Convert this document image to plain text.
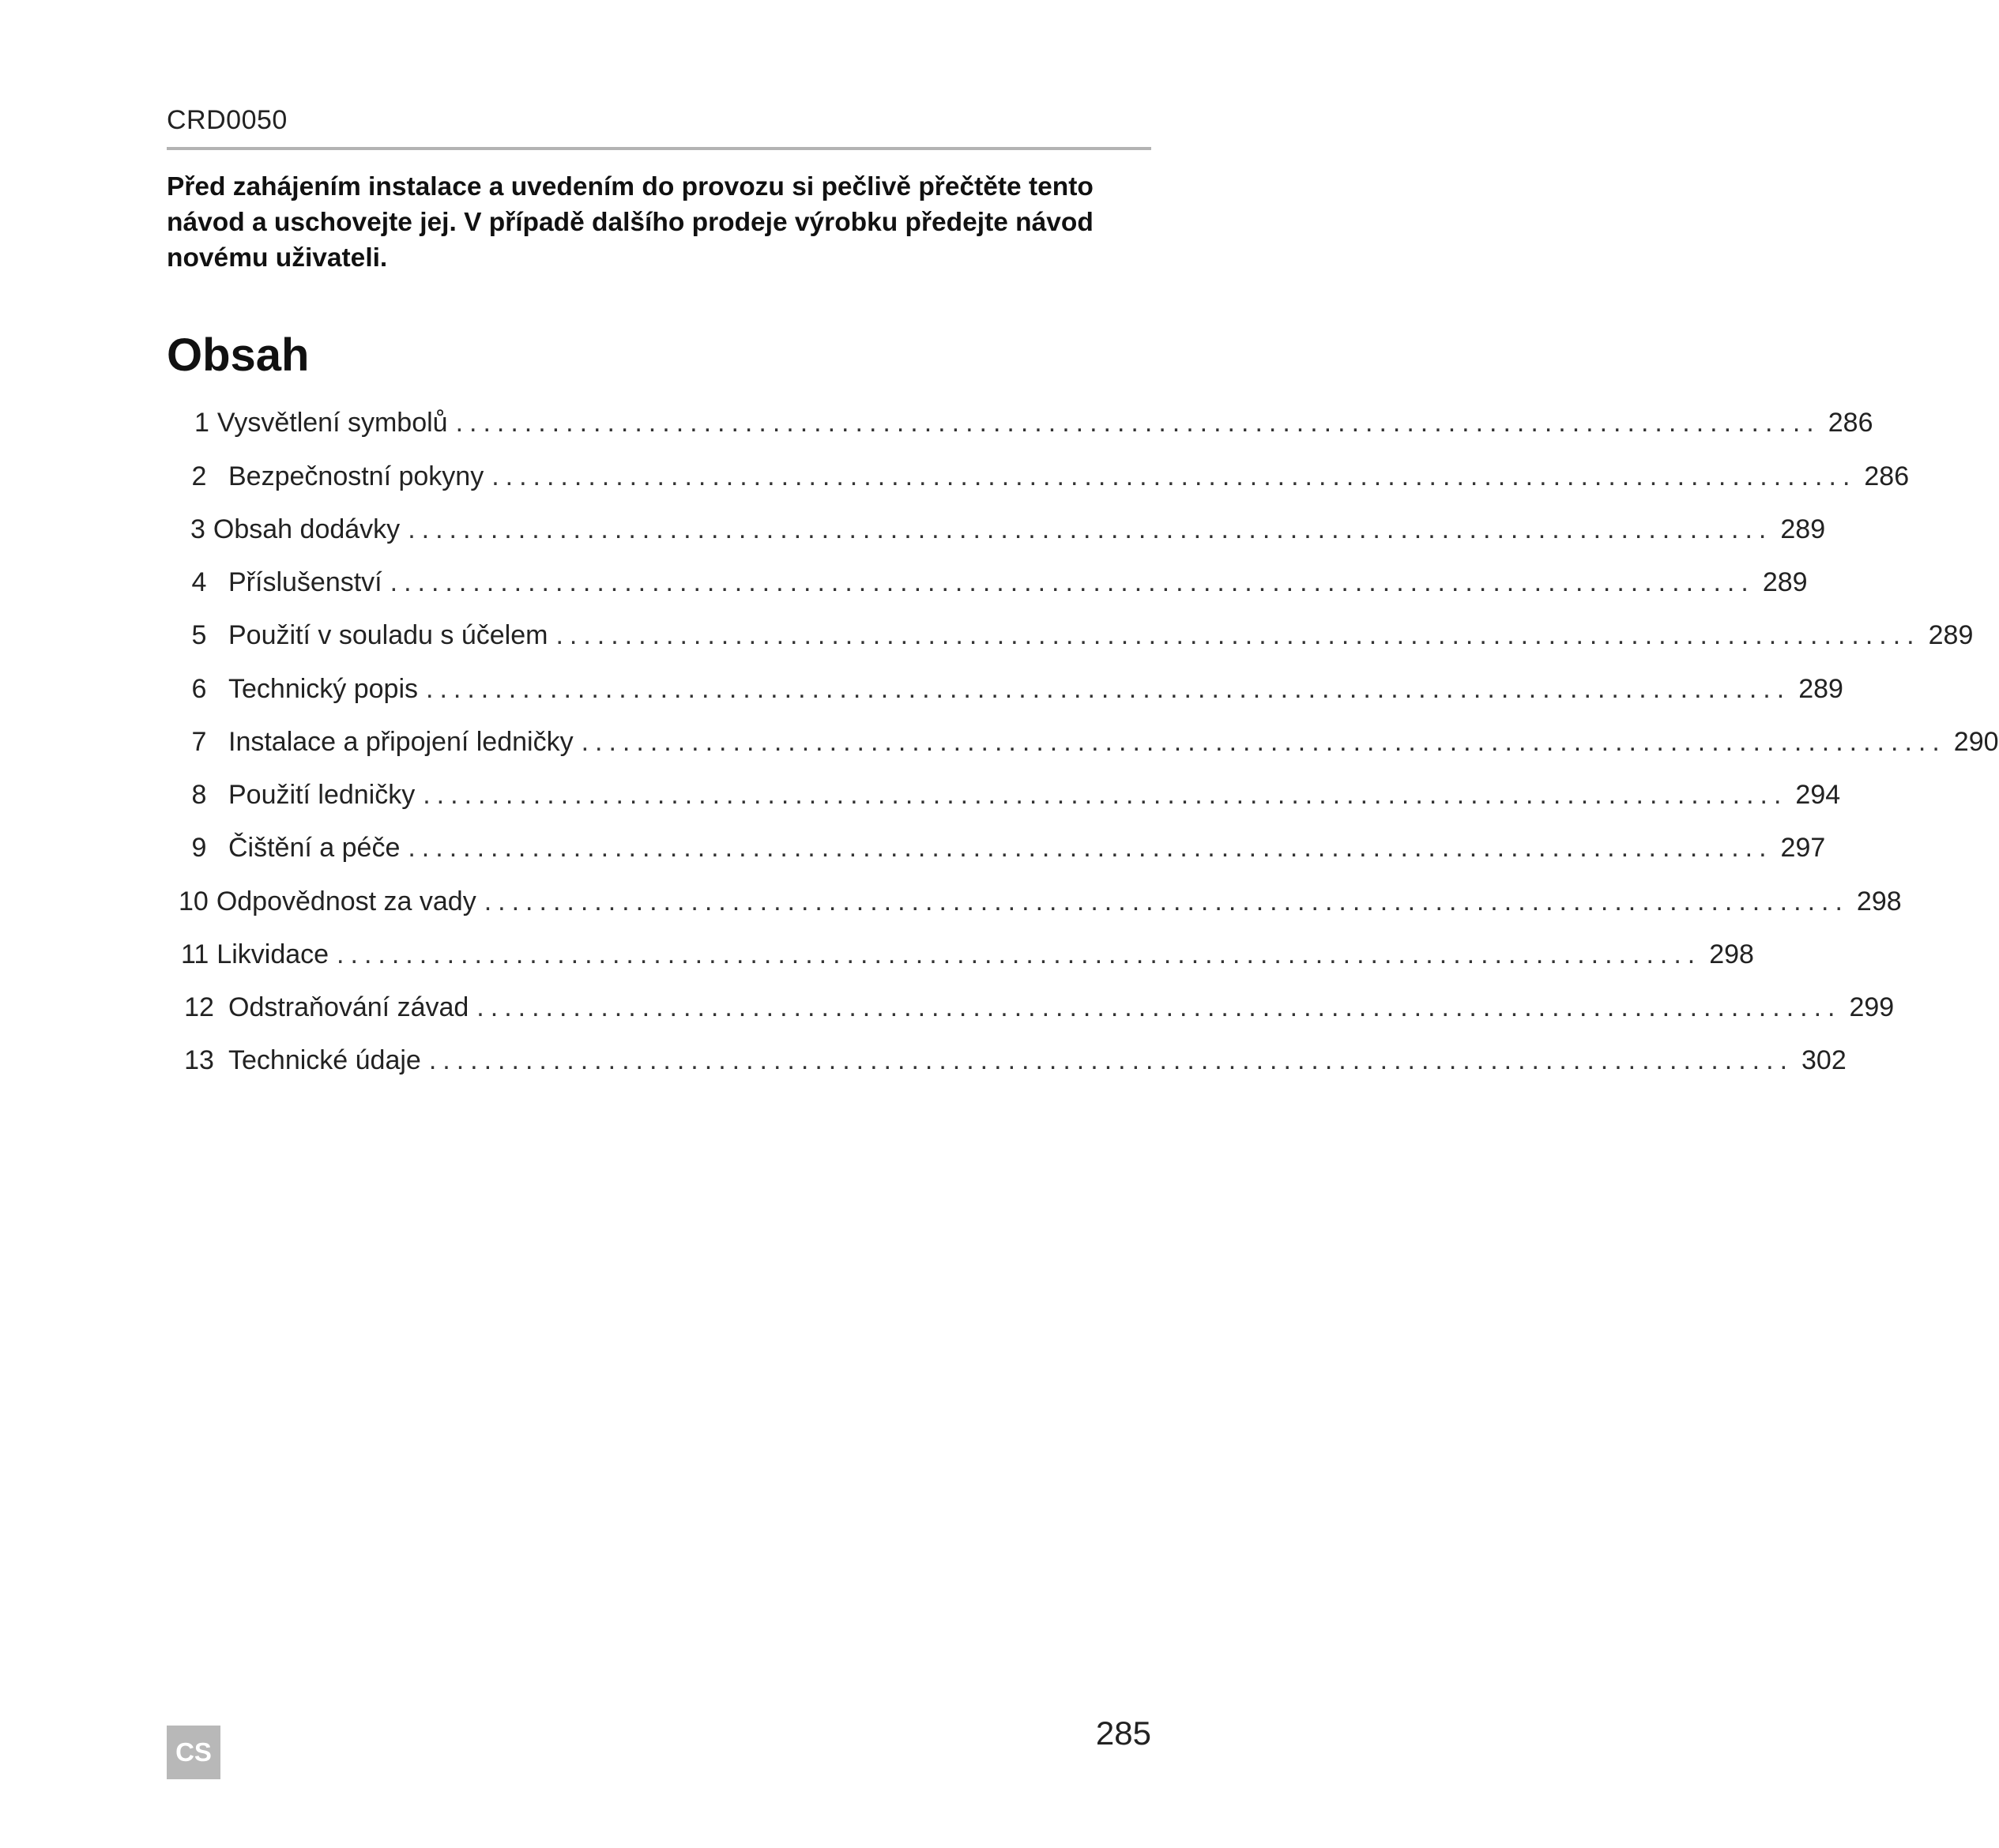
CRD0050
Před zahájením instalace a uvedením do provozu si pečlivě přečtěte tento návod a uschovejte jej. V případě dalšího prodeje výrobku předejte návod novému uživateli.
Obsah
1 Vysvětlení symbolů ................................................................................................... 286
2 Bezpečnostní pokyny ................................................................................................... 286
3 Obsah dodávky ................................................................................................... 289
4 Příslušenství ................................................................................................... 289
5 Použití v souladu s účelem ................................................................................................... 289
6 Technický popis ................................................................................................... 289
7 Instalace a připojení ledničky ................................................................................................... 290
8 Použití ledničky ................................................................................................... 294
9 Čištění a péče ................................................................................................... 297
10 Odpovědnost za vady ................................................................................................... 298
11 Likvidace ................................................................................................... 298
12 Odstraňování závad ................................................................................................... 299
13 Technické údaje ................................................................................................... 302
CS
285
